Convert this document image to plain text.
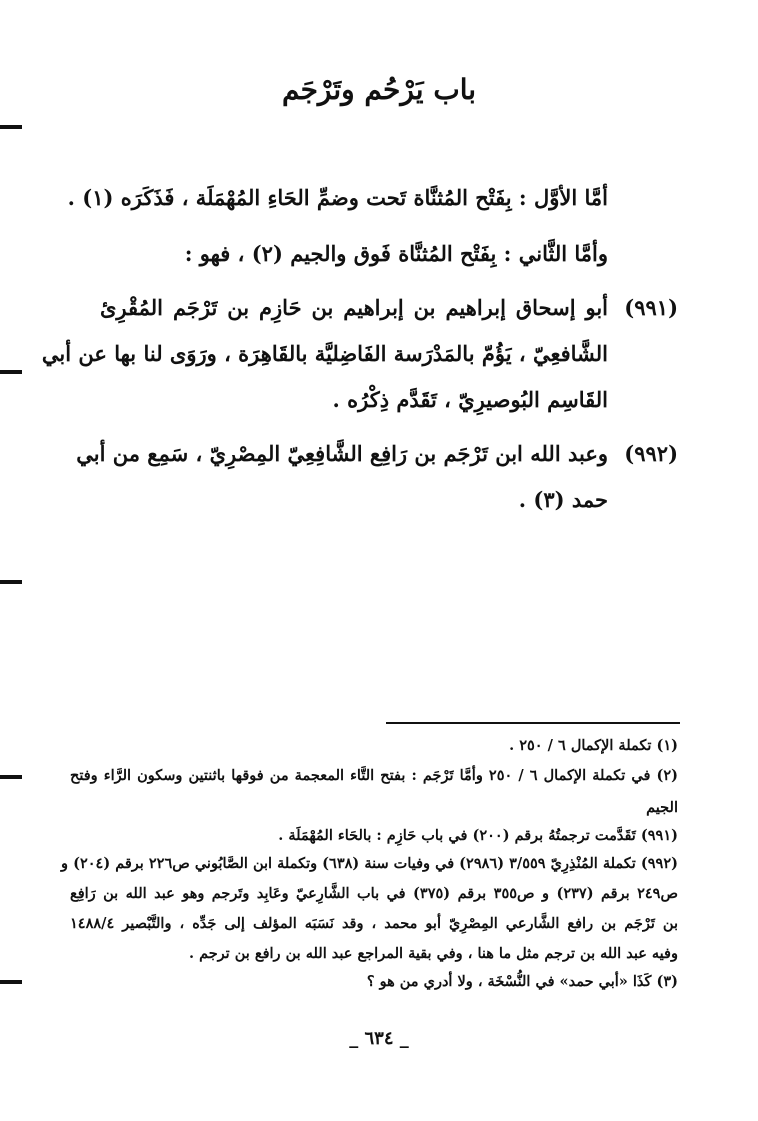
باب يَرْحُم وتَرْجَم
أمَّا الأوَّل : بِفَتْح المُثنَّاة تَحت وضمِّ الحَاءِ المُهْمَلَة ، فَذَكَرَه (١) .
وأمَّا الثَّاني : بِفَتْح المُثنَّاة فَوق والجيم (٢) ، فهو :
(٩٩١)
أبو إسحاق إبراهيم بن إبراهيم بن حَازِم بن تَرْجَم المُقْرِئ
الشَّافعِيّ ، يَؤُمّ بالمَدْرَسة الفَاضِليَّة بالقَاهِرَة ، ورَوَى لنا بها عن أبي
القَاسِم البُوصيرِيّ ، تَقَدَّم ذِكْرُه .
(٩٩٢)
وعبد الله ابن تَرْجَم بن رَافِع الشَّافِعِيّ المِصْرِيّ ، سَمِع من أبي
حمد (٣) .
(١) تكملة الإكمال ٦ / ٢٥٠ .
(٢) في تكملة الإكمال ٦ / ٢٥٠ وأمَّا تَرْجَم : بفتح التَّاء المعجمة من فوقها باثنتين وسكون الرَّاء وفتح
الجيم
(٩٩١) تَقَدَّمت ترجمتُهُ برقم (٢٠٠) في باب حَازِم : بالحَاء المُهْمَلَة .
(٩٩٢) تكملة المُنْذِرِيّ ٣/٥٥٩ (٢٩٨٦) في وفيات سنة (٦٣٨) وتكملة ابن الصَّابُوني ص٢٢٦ برقم (٢٠٤) و
ص٢٤٩ برقم (٢٣٧) و ص٣٥٥ برقم (٣٧٥) في باب الشَّارِعيّ وعَابِد وتَرجم وهو عبد الله بن رَافِع
بن تَرْجَم بن رافع الشَّارعي المِصْرِيّ أبو محمد ، وقد نَسَبَه المؤلف إلى جَدِّه ، والتَّبْصير ١٤٨٨/٤
وفيه عبد الله بن ترجم مثل ما هنا ، وفي بقية المراجع عبد الله بن رافع بن ترجم .
(٣) كَذَا «أبي حمد» في النُّسْخَة ، ولا أدري من هو ؟
_ ٦٣٤ _
